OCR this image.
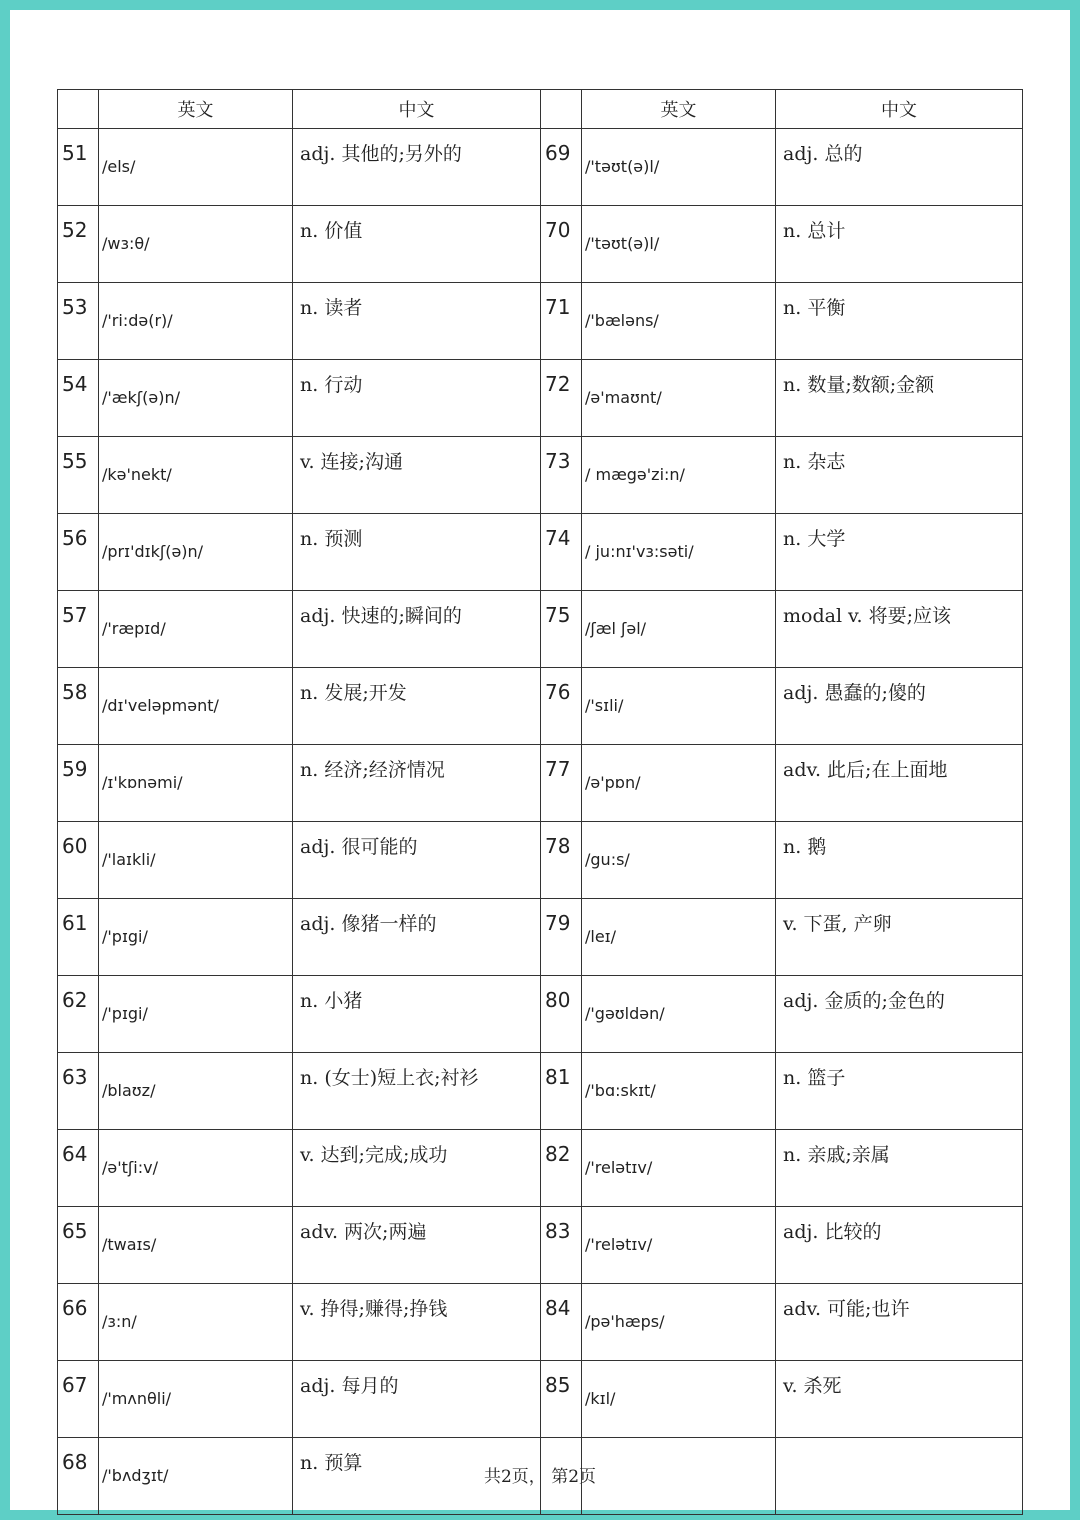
	英文	中文		英文	中文
51	/els/	adj. 其他的;另外的	69	/'təʊt(ə)l/	adj. 总的
52	/wɜ:θ/	n. 价值	70	/'təʊt(ə)l/	n. 总计
53	/'ri:də(r)/	n. 读者	71	/'bæləns/	n. 平衡
54	/'ækʃ(ə)n/	n. 行动	72	/ə'maʊnt/	n. 数量;数额;金额
55	/kə'nekt/	v. 连接;沟通	73	/ mægə'zi:n/	n. 杂志
56	/prɪ'dɪkʃ(ə)n/	n. 预测	74	/ ju:nɪ'vɜ:səti/	n. 大学
57	/'ræpɪd/	adj. 快速的;瞬间的	75	/ʃæl ʃəl/	modal v. 将要;应该
58	/dɪ'veləpmənt/	n. 发展;开发	76	/'sɪli/	adj. 愚蠢的;傻的
59	/ɪ'kɒnəmi/	n. 经济;经济情况	77	/ə'pɒn/	adv. 此后;在上面地
60	/'laɪkli/	adj. 很可能的	78	/gu:s/	n. 鹅
61	/'pɪgi/	adj. 像猪一样的	79	/leɪ/	v. 下蛋, 产卵
62	/'pɪgi/	n. 小猪	80	/'gəʊldən/	adj. 金质的;金色的
63	/blaʊz/	n. (女士)短上衣;衬衫	81	/'bɑ:skɪt/	n. 篮子
64	/ə'tʃi:v/	v. 达到;完成;成功	82	/'relətɪv/	n. 亲戚;亲属
65	/twaɪs/	adv. 两次;两遍	83	/'relətɪv/	adj. 比较的
66	/ɜ:n/	v. 挣得;赚得;挣钱	84	/pə'hæps/	adv. 可能;也许
67	/'mʌnθli/	adj. 每月的	85	/kɪl/	v. 杀死
68	/'bʌdʒɪt/	n. 预算			
共2页， 第2页
